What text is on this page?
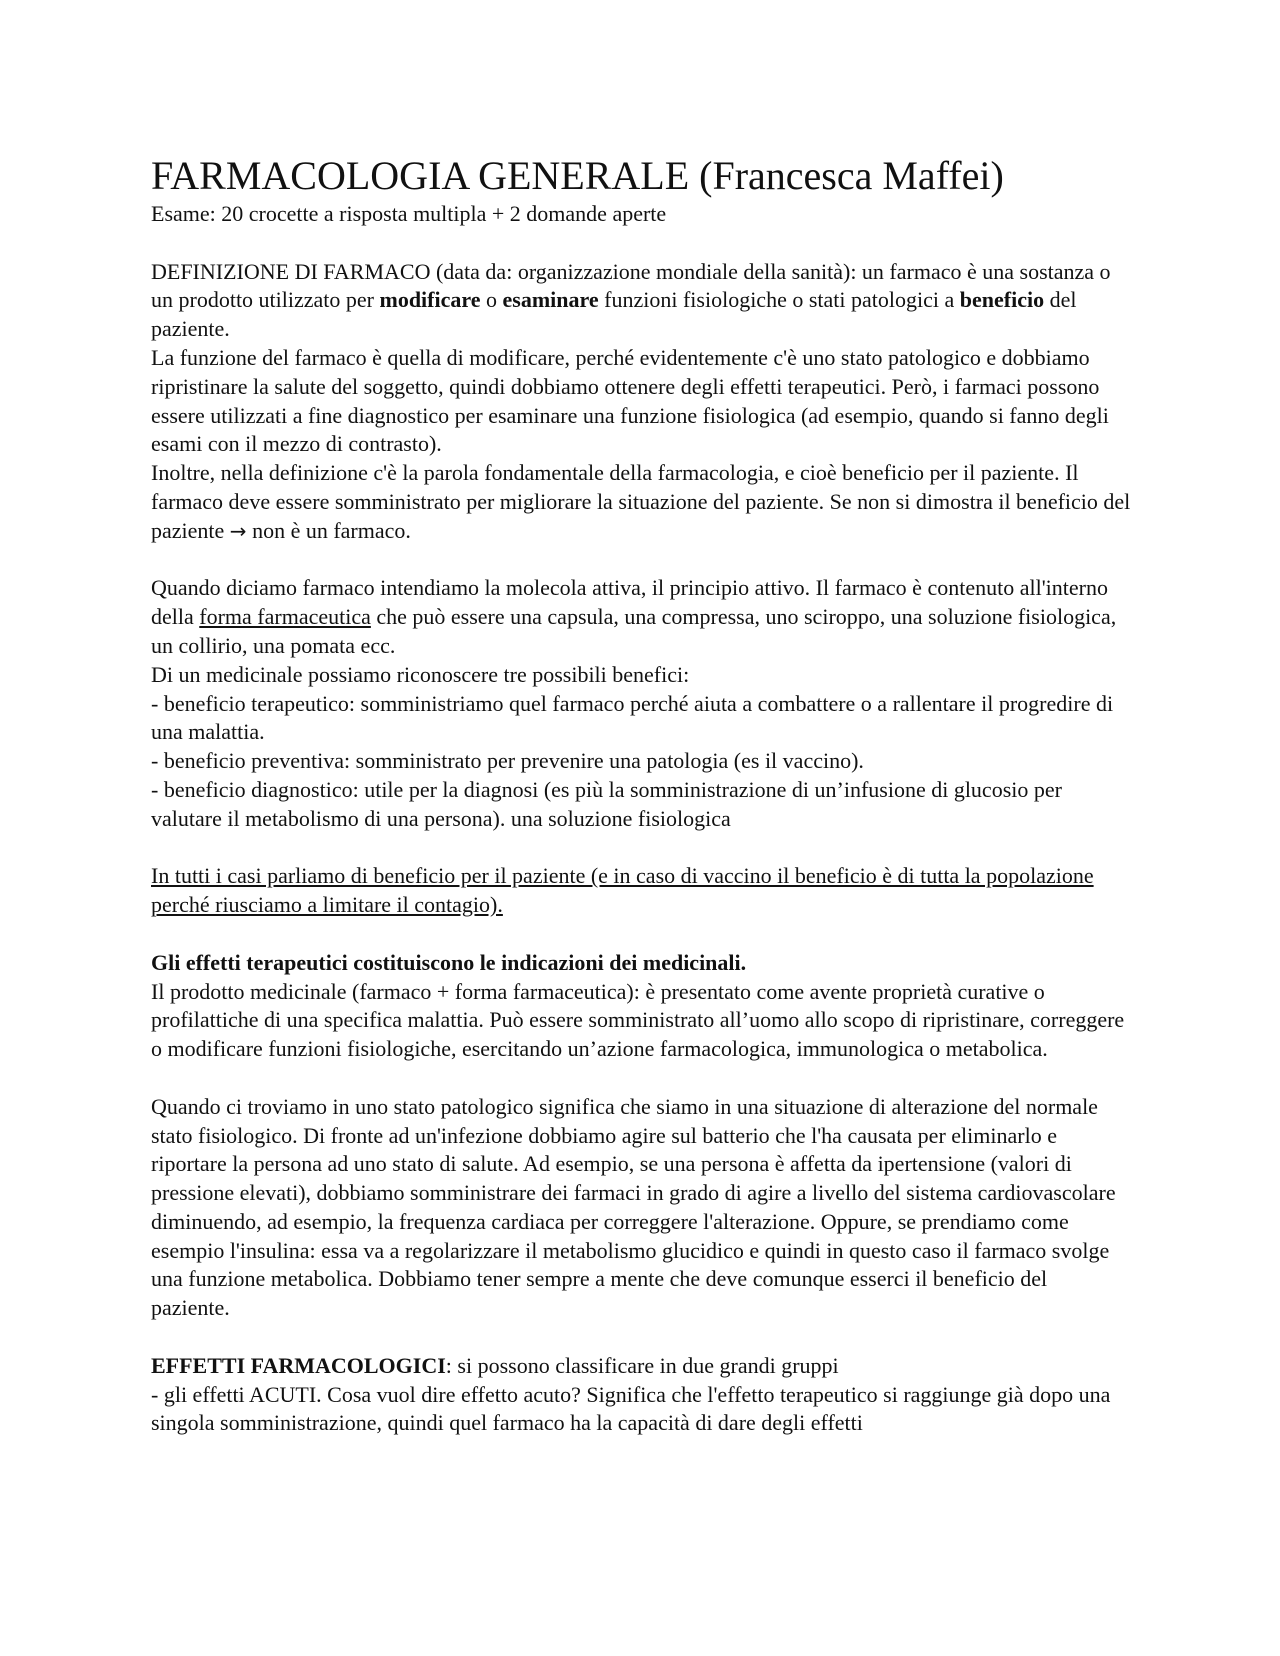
FARMACOLOGIA GENERALE (Francesca Maffei)

Esame: 20 crocette a risposta multipla + 2 domande aperte

DEFINIZIONE DI FARMACO (data da: organizzazione mondiale della sanità): un farmaco è una sostanza o un prodotto utilizzato per modificare o esaminare funzioni fisiologiche o stati patologici a beneficio del paziente.
La funzione del farmaco è quella di modificare, perché evidentemente c'è uno stato patologico e dobbiamo ripristinare la salute del soggetto, quindi dobbiamo ottenere degli effetti terapeutici. Però, i farmaci possono essere utilizzati a fine diagnostico per esaminare una funzione fisiologica (ad esempio, quando si fanno degli esami con il mezzo di contrasto).
Inoltre, nella definizione c'è la parola fondamentale della farmacologia, e cioè beneficio per il paziente. Il farmaco deve essere somministrato per migliorare la situazione del paziente. Se non si dimostra il beneficio del paziente → non è un farmaco.

Quando diciamo farmaco intendiamo la molecola attiva, il principio attivo. Il farmaco è contenuto all'interno della forma farmaceutica che può essere una capsula, una compressa, uno sciroppo, una soluzione fisiologica, un collirio, una pomata ecc.
Di un medicinale possiamo riconoscere tre possibili benefici:
- beneficio terapeutico: somministriamo quel farmaco perché aiuta a combattere o a rallentare il progredire di una malattia.
- beneficio preventiva: somministrato per prevenire una patologia (es il vaccino).
- beneficio diagnostico: utile per la diagnosi (es più la somministrazione di un’infusione di glucosio per valutare il metabolismo di una persona). una soluzione fisiologica

In tutti i casi parliamo di beneficio per il paziente (e in caso di vaccino il beneficio è di tutta la popolazione perché riusciamo a limitare il contagio).

Gli effetti terapeutici costituiscono le indicazioni dei medicinali.
Il prodotto medicinale (farmaco + forma farmaceutica): è presentato come avente proprietà curative o profilattiche di una specifica malattia. Può essere somministrato all’uomo allo scopo di ripristinare, correggere o modificare funzioni fisiologiche, esercitando un’azione farmacologica, immunologica o metabolica.

Quando ci troviamo in uno stato patologico significa che siamo in una situazione di alterazione del normale stato fisiologico. Di fronte ad un'infezione dobbiamo agire sul batterio che l'ha causata per eliminarlo e riportare la persona ad uno stato di salute. Ad esempio, se una persona è affetta da ipertensione (valori di pressione elevati), dobbiamo somministrare dei farmaci in grado di agire a livello del sistema cardiovascolare diminuendo, ad esempio, la frequenza cardiaca per correggere l'alterazione. Oppure, se prendiamo come esempio l'insulina: essa va a regolarizzare il metabolismo glucidico e quindi in questo caso il farmaco svolge una funzione metabolica. Dobbiamo tener sempre a mente che deve comunque esserci il beneficio del paziente.

EFFETTI FARMACOLOGICI: si possono classificare in due grandi gruppi
- gli effetti ACUTI. Cosa vuol dire effetto acuto? Significa che l'effetto terapeutico si raggiunge già dopo una singola somministrazione, quindi quel farmaco ha la capacità di dare degli effetti
